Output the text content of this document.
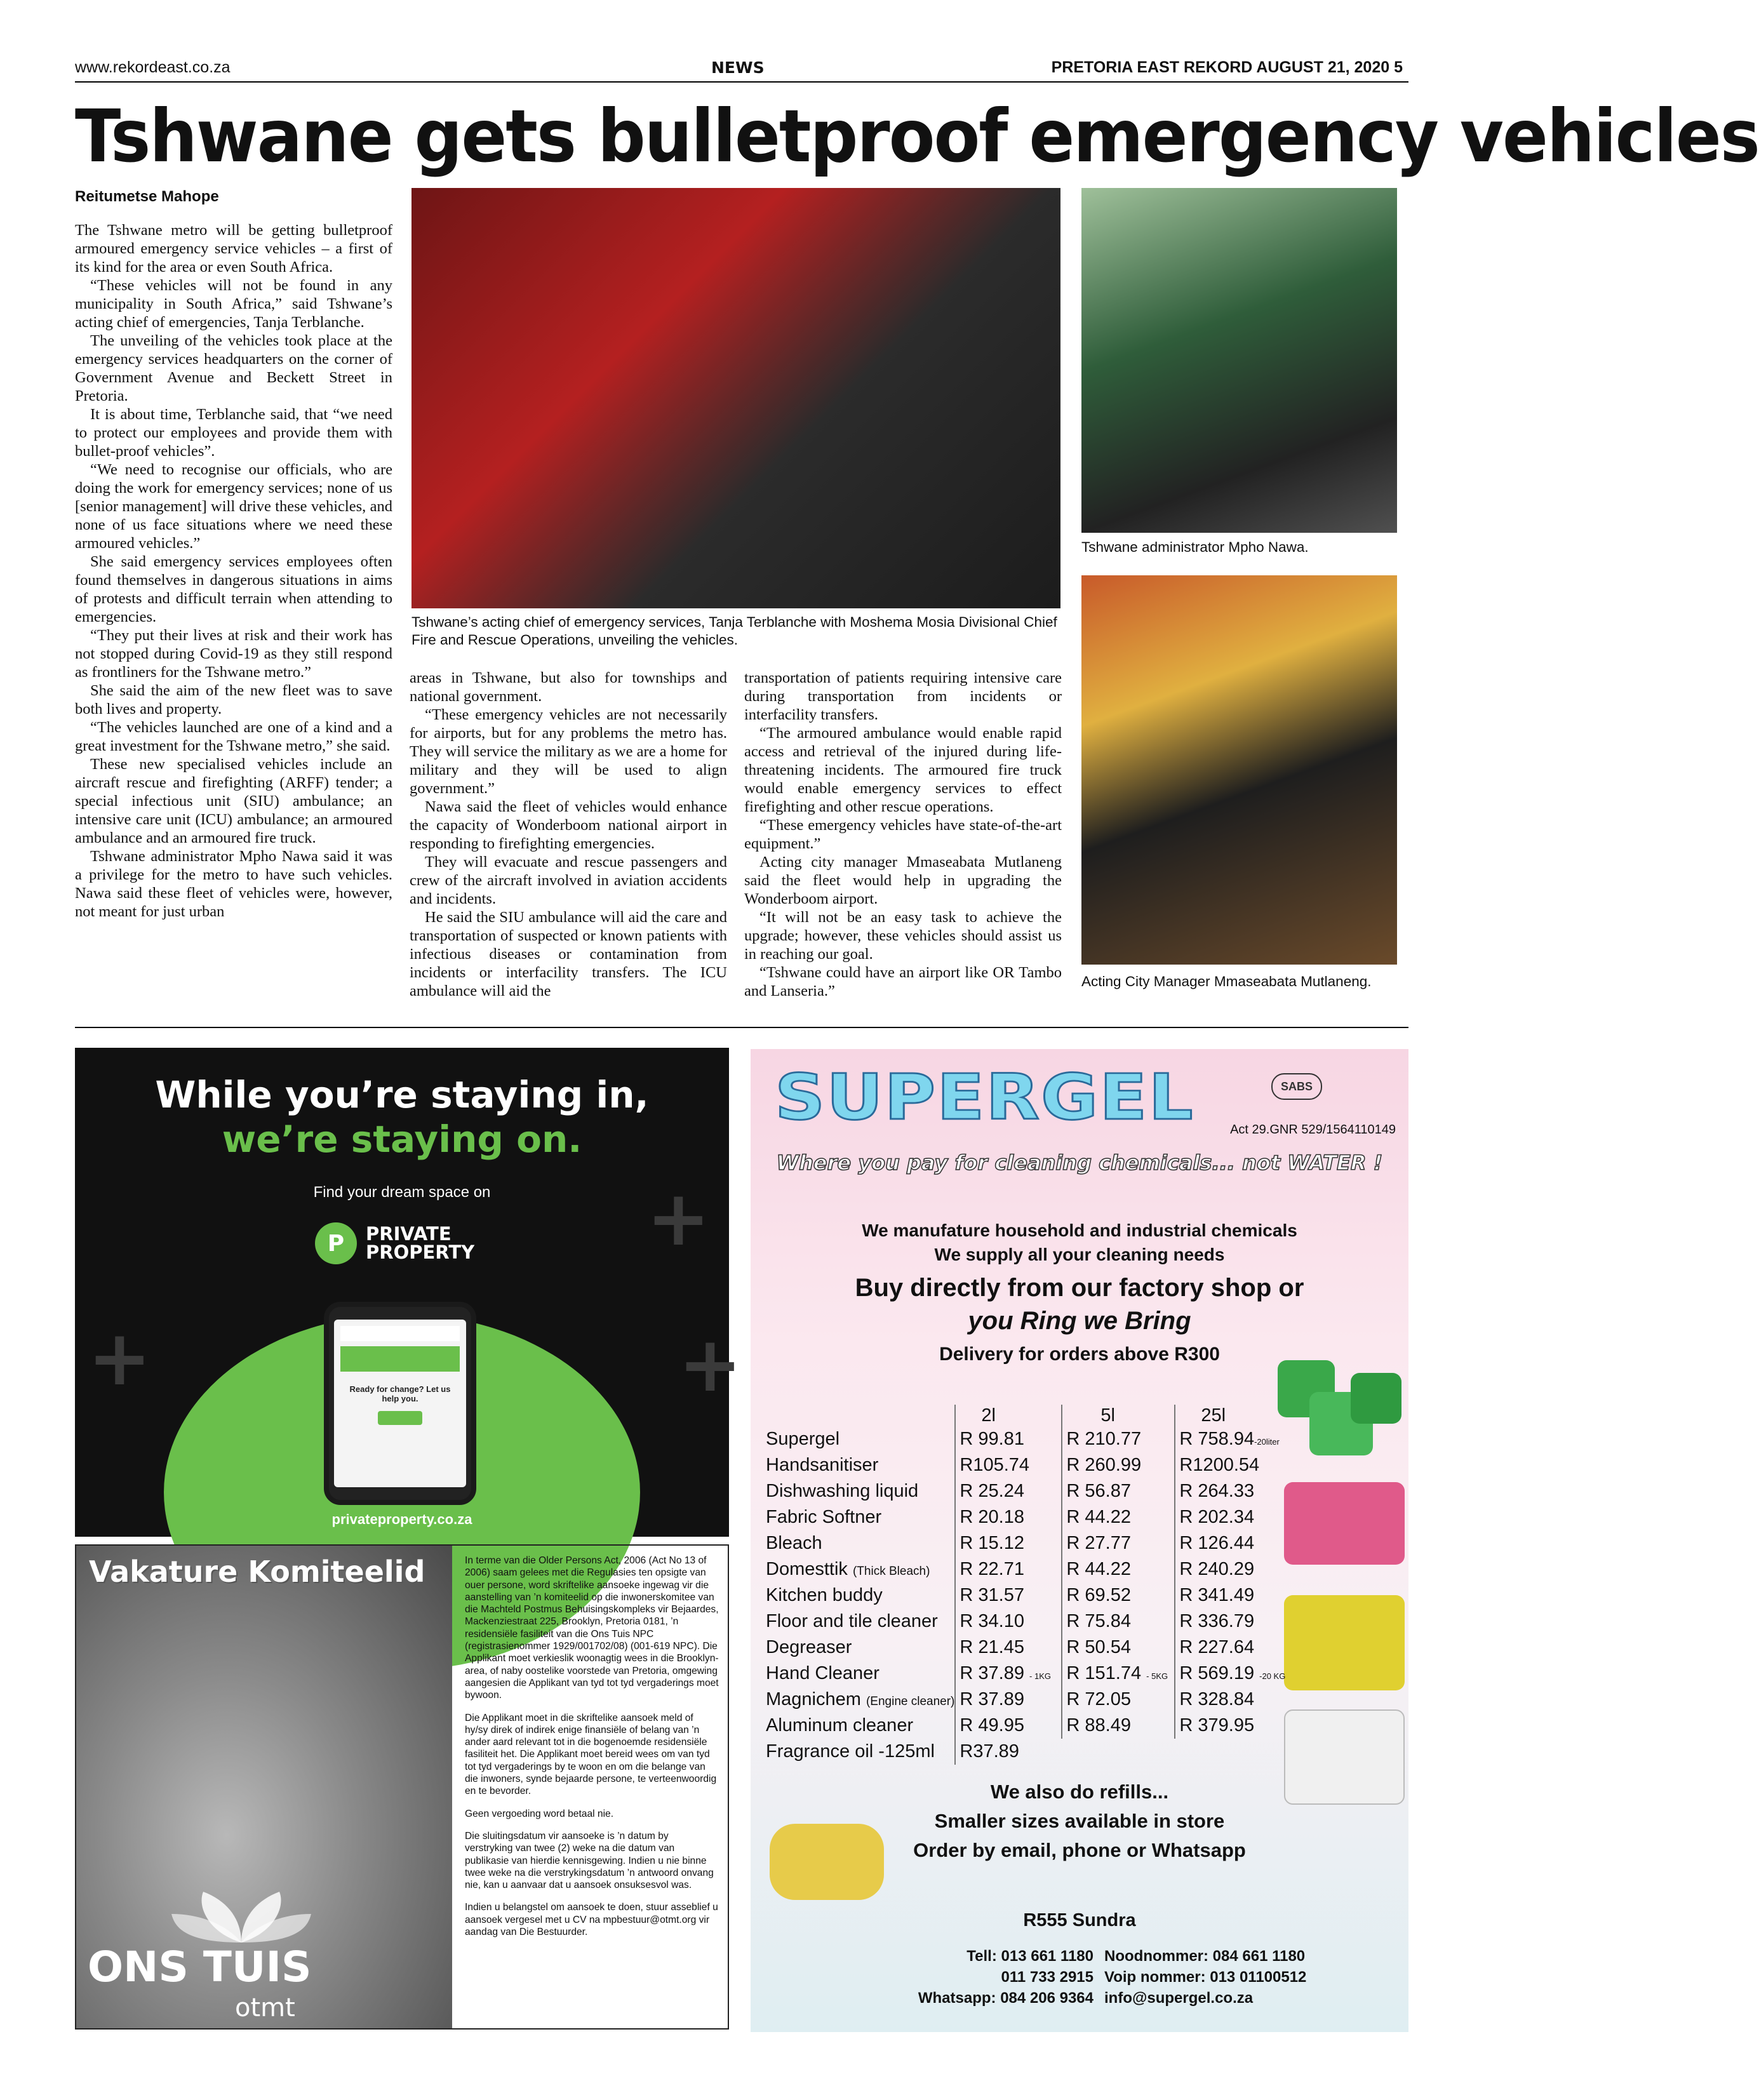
www.rekordeast.co.za	NEWS	PRETORIA EAST REKORD AUGUST 21, 2020 5
Tshwane gets bulletproof emergency vehicles
Reitumetse Mahope

The Tshwane metro will be getting bulletproof armoured emergency service vehicles – a first of its kind for the area or even South Africa.

“These vehicles will not be found in any municipality in South Africa,” said Tshwane’s acting chief of emergencies, Tanja Terblanche.

The unveiling of the vehicles took place at the emergency services headquarters on the corner of Government Avenue and Beckett Street in Pretoria.

It is about time, Terblanche said, that “we need to protect our employees and provide them with bullet-proof vehicles”.

“We need to recognise our officials, who are doing the work for emergency services; none of us [senior management] will drive these vehicles, and none of us face situations where we need these armoured vehicles.”

She said emergency services employees often found themselves in dangerous situations in aims of protests and difficult terrain when attending to emergencies.

“They put their lives at risk and their work has not stopped during Covid-19 as they still respond as frontliners for the Tshwane metro.”

She said the aim of the new fleet was to save both lives and property.

“The vehicles launched are one of a kind and a great investment for the Tshwane metro,” she said.

These new specialised vehicles include an aircraft rescue and firefighting (ARFF) tender; a special infectious unit (SIU) ambulance; an intensive care unit (ICU) ambulance; an armoured ambulance and an armoured fire truck.

Tshwane administrator Mpho Nawa said it was a privilege for the metro to have such vehicles. Nawa said these fleet of vehicles were, however, not meant for just urban

Tshwane’s acting chief of emergency services, Tanja Terblanche with Moshema Mosia Divisional Chief Fire and Rescue Operations, unveiling the vehicles.
Tshwane administrator Mpho Nawa.
Acting City Manager Mmaseabata Mutlaneng.

areas in Tshwane, but also for townships and national government.

“These emergency vehicles are not necessarily for airports, but for any problems the metro has. They will service the military as we are a home for military and they will be used to align government.”

Nawa said the fleet of vehicles would enhance the capacity of Wonderboom national airport in responding to firefighting emergencies.

They will evacuate and rescue passengers and crew of the aircraft involved in aviation accidents and incidents.

He said the SIU ambulance will aid the care and transportation of suspected or known patients with infectious diseases or contamination from incidents or interfacility transfers. The ICU ambulance will aid the

transportation of patients requiring intensive care during transportation from incidents or interfacility transfers.

“The armoured ambulance would enable rapid access and retrieval of the injured during life-threatening incidents. The armoured fire truck would enable emergency services to effect firefighting and other rescue operations.

“These emergency vehicles have state-of-the-art equipment.”

Acting city manager Mmaseabata Mutlaneng said the fleet would help in upgrading the Wonderboom airport.

“It will not be an easy task to achieve the upgrade; however, these vehicles should assist us in reaching our goal.

“Tshwane could have an airport like OR Tambo and Lanseria.”

+
+
+
While you’re staying in,
we’re staying on.
Find your dream space on
P	PRIVATE
PROPERTY
Ready for change? Let us help you.
privateproperty.co.za
Vakature Komiteelid
ONS TUIS
otmt

In terme van die Older Persons Act, 2006 (Act No 13 of 2006) saam gelees met die Regulasies ten opsigte van ouer persone, word skriftelike aansoeke ingewag vir die aanstelling van ’n komiteelid op die inwonerskomitee van die Machteld Postmus Behuisingskompleks vir Bejaardes, Mackenziestraat 225, Brooklyn, Pretoria 0181, ’n residensiële fasiliteit van die Ons Tuis NPC (registrasienommer 1929/001702/08) (001-619 NPC). Die Applikant moet verkieslik woonagtig wees in die Brooklyn-area, of naby oostelike voorstede van Pretoria, omgewing aangesien die Applikant van tyd tot tyd vergaderings moet bywoon.

Die Applikant moet in die skriftelike aansoek meld of hy/sy direk of indirek enige finansiële of belang van ’n ander aard relevant tot in die bogenoemde residensiële fasiliteit het. Die Applikant moet bereid wees om van tyd tot tyd vergaderings by te woon en om die belange van die inwoners, synde bejaarde persone, te verteenwoordig en te bevorder.

Geen vergoeding word betaal nie.

Die sluitingsdatum vir aansoeke is ’n datum by verstryking van twee (2) weke na die datum van publikasie van hierdie kennisgewing. Indien u nie binne twee weke na die verstrykingsdatum ’n antwoord onvang nie, kan u aanvaar dat u aansoek onsuksesvol was.

Indien u belangstel om aansoek te doen, stuur asseblief u aansoek vergesel met u CV na mpbestuur@otmt.org vir aandag van Die Bestuurder.

SUPERGEL	SABS
Act 29.GNR 529/1564110149
Where you pay for cleaning chemicals... not WATER !
We manufature household and industrial chemicals
We supply all your cleaning needs
Buy directly from our factory shop or
you Ring we Bring
Delivery for orders above R300
	2l	5l	25l
Supergel	R 99.81	R 210.77	R 758.94-20liter
Handsanitiser	R105.74	R 260.99	R1200.54
Dishwashing liquid	R 25.24	R 56.87	R 264.33
Fabric Softner	R 20.18	R 44.22	R 202.34
Bleach	R 15.12	R 27.77	R 126.44
Domesttik (Thick Bleach)	R 22.71	R 44.22	R 240.29
Kitchen buddy	R 31.57	R 69.52	R 341.49
Floor and tile cleaner	R 34.10	R 75.84	R 336.79
Degreaser	R 21.45	R 50.54	R 227.64
Hand Cleaner	R 37.89 - 1KG	R 151.74 - 5KG	R 569.19 -20 KG
Magnichem (Engine cleaner)	R 37.89	R 72.05	R 328.84
Aluminum cleaner	R 49.95	R 88.49	R 379.95
Fragrance oil -125ml	R37.89		
We also do refills...
Smaller sizes available in store
Order by email, phone or Whatsapp
R555 Sundra
Tell: 013 661 1180
011 733 2915
Whatsapp: 084 206 9364
Noodnommer: 084 661 1180
Voip nommer: 013 01100512
info@supergel.co.za
